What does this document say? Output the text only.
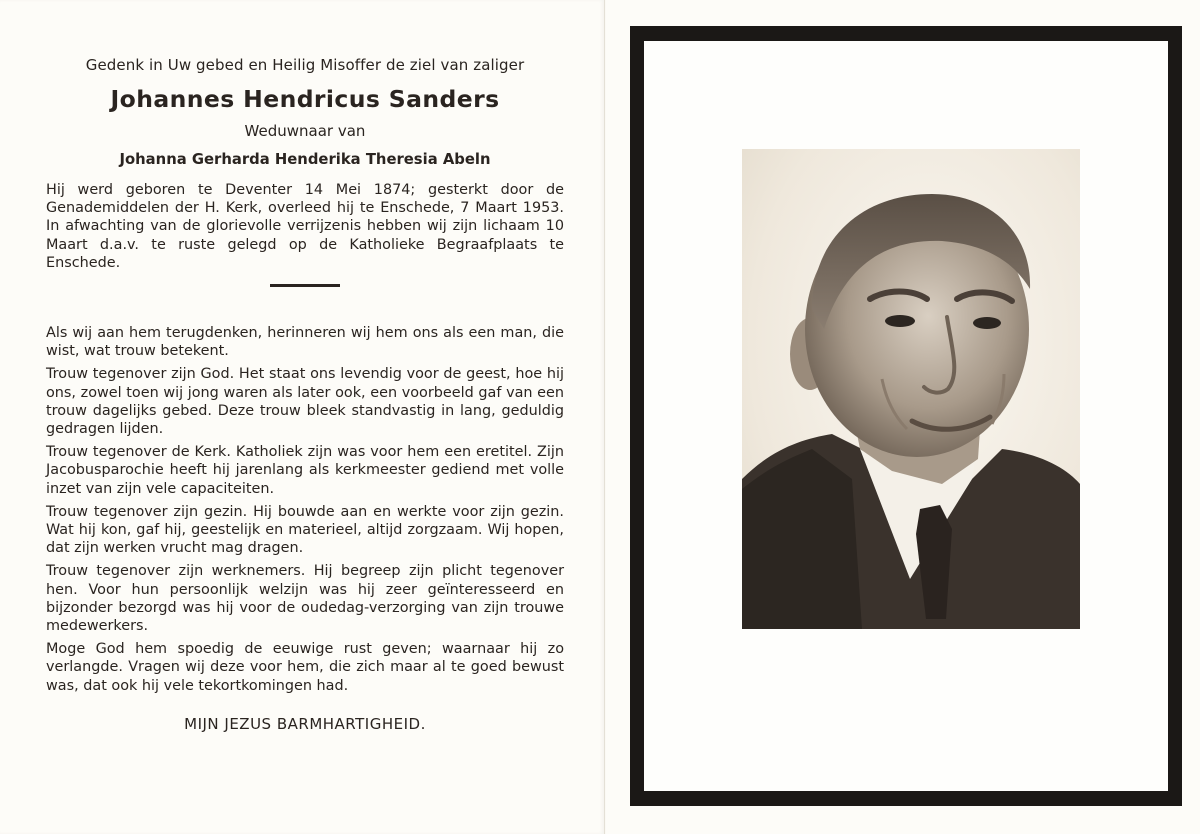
Gedenk in Uw gebed en Heilig Misoffer de ziel van zaliger

Johannes Hendricus Sanders

Weduwnaar van

Johanna Gerharda Henderika Theresia Abeln

Hij werd geboren te Deventer 14 Mei 1874; gesterkt door de Genademiddelen der H. Kerk, overleed hij te Enschede, 7 Maart 1953. In afwachting van de glorievolle verrijzenis hebben wij zijn lichaam 10 Maart d.a.v. te ruste gelegd op de Katholieke Begraafplaats te Enschede.

Als wij aan hem terugdenken, herinneren wij hem ons als een man, die wist, wat trouw betekent.

Trouw tegenover zijn God. Het staat ons levendig voor de geest, hoe hij ons, zowel toen wij jong waren als later ook, een voorbeeld gaf van een trouw dagelijks gebed. Deze trouw bleek standvastig in lang, geduldig gedragen lijden.

Trouw tegenover de Kerk. Katholiek zijn was voor hem een eretitel. Zijn Jacobusparochie heeft hij jarenlang als kerkmeester gediend met volle inzet van zijn vele capaciteiten.

Trouw tegenover zijn gezin. Hij bouwde aan en werkte voor zijn gezin. Wat hij kon, gaf hij, geestelijk en materieel, altijd zorgzaam. Wij hopen, dat zijn werken vrucht mag dragen.

Trouw tegenover zijn werknemers. Hij begreep zijn plicht tegenover hen. Voor hun persoonlijk welzijn was hij zeer geïnteresseerd en bijzonder bezorgd was hij voor de oudedag-verzorging van zijn trouwe medewerkers.

Moge God hem spoedig de eeuwige rust geven; waarnaar hij zo verlangde. Vragen wij deze voor hem, die zich maar al te goed bewust was, dat ook hij vele tekortkomingen had.

MIJN JEZUS BARMHARTIGHEID.
